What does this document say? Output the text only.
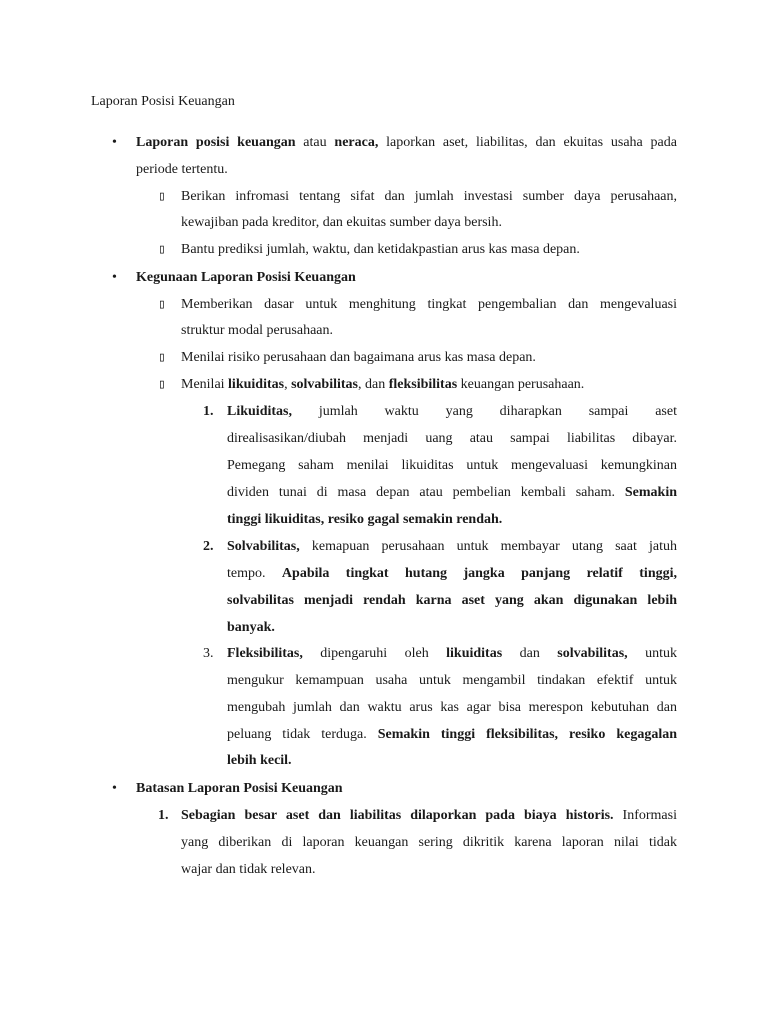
Laporan Posisi Keuangan
• Laporan posisi keuangan atau neraca, laporkan aset, liabilitas, dan ekuitas usaha pada
periode tertentu.
▯ Berikan infromasi tentang sifat dan jumlah investasi sumber daya perusahaan,
kewajiban pada kreditor, dan ekuitas sumber daya bersih.
▯ Bantu prediksi jumlah, waktu, dan ketidakpastian arus kas masa depan.
• Kegunaan Laporan Posisi Keuangan
▯ Memberikan dasar untuk menghitung tingkat pengembalian dan mengevaluasi
struktur modal perusahaan.
▯ Menilai risiko perusahaan dan bagaimana arus kas masa depan.
▯ Menilai likuiditas, solvabilitas, dan fleksibilitas keuangan perusahaan.
1. Likuiditas, jumlah waktu yang diharapkan sampai aset
direalisasikan/diubah menjadi uang atau sampai liabilitas dibayar.
Pemegang saham menilai likuiditas untuk mengevaluasi kemungkinan
dividen tunai di masa depan atau pembelian kembali saham. Semakin
tinggi likuiditas, resiko gagal semakin rendah.
2. Solvabilitas, kemapuan perusahaan untuk membayar utang saat jatuh
tempo. Apabila tingkat hutang jangka panjang relatif tinggi,
solvabilitas menjadi rendah karna aset yang akan digunakan lebih
banyak.
3. Fleksibilitas, dipengaruhi oleh likuiditas dan solvabilitas, untuk
mengukur kemampuan usaha untuk mengambil tindakan efektif untuk
mengubah jumlah dan waktu arus kas agar bisa merespon kebutuhan dan
peluang tidak terduga. Semakin tinggi fleksibilitas, resiko kegagalan
lebih kecil.
• Batasan Laporan Posisi Keuangan
1. Sebagian besar aset dan liabilitas dilaporkan pada biaya historis. Informasi
yang diberikan di laporan keuangan sering dikritik karena laporan nilai tidak
wajar dan tidak relevan.
